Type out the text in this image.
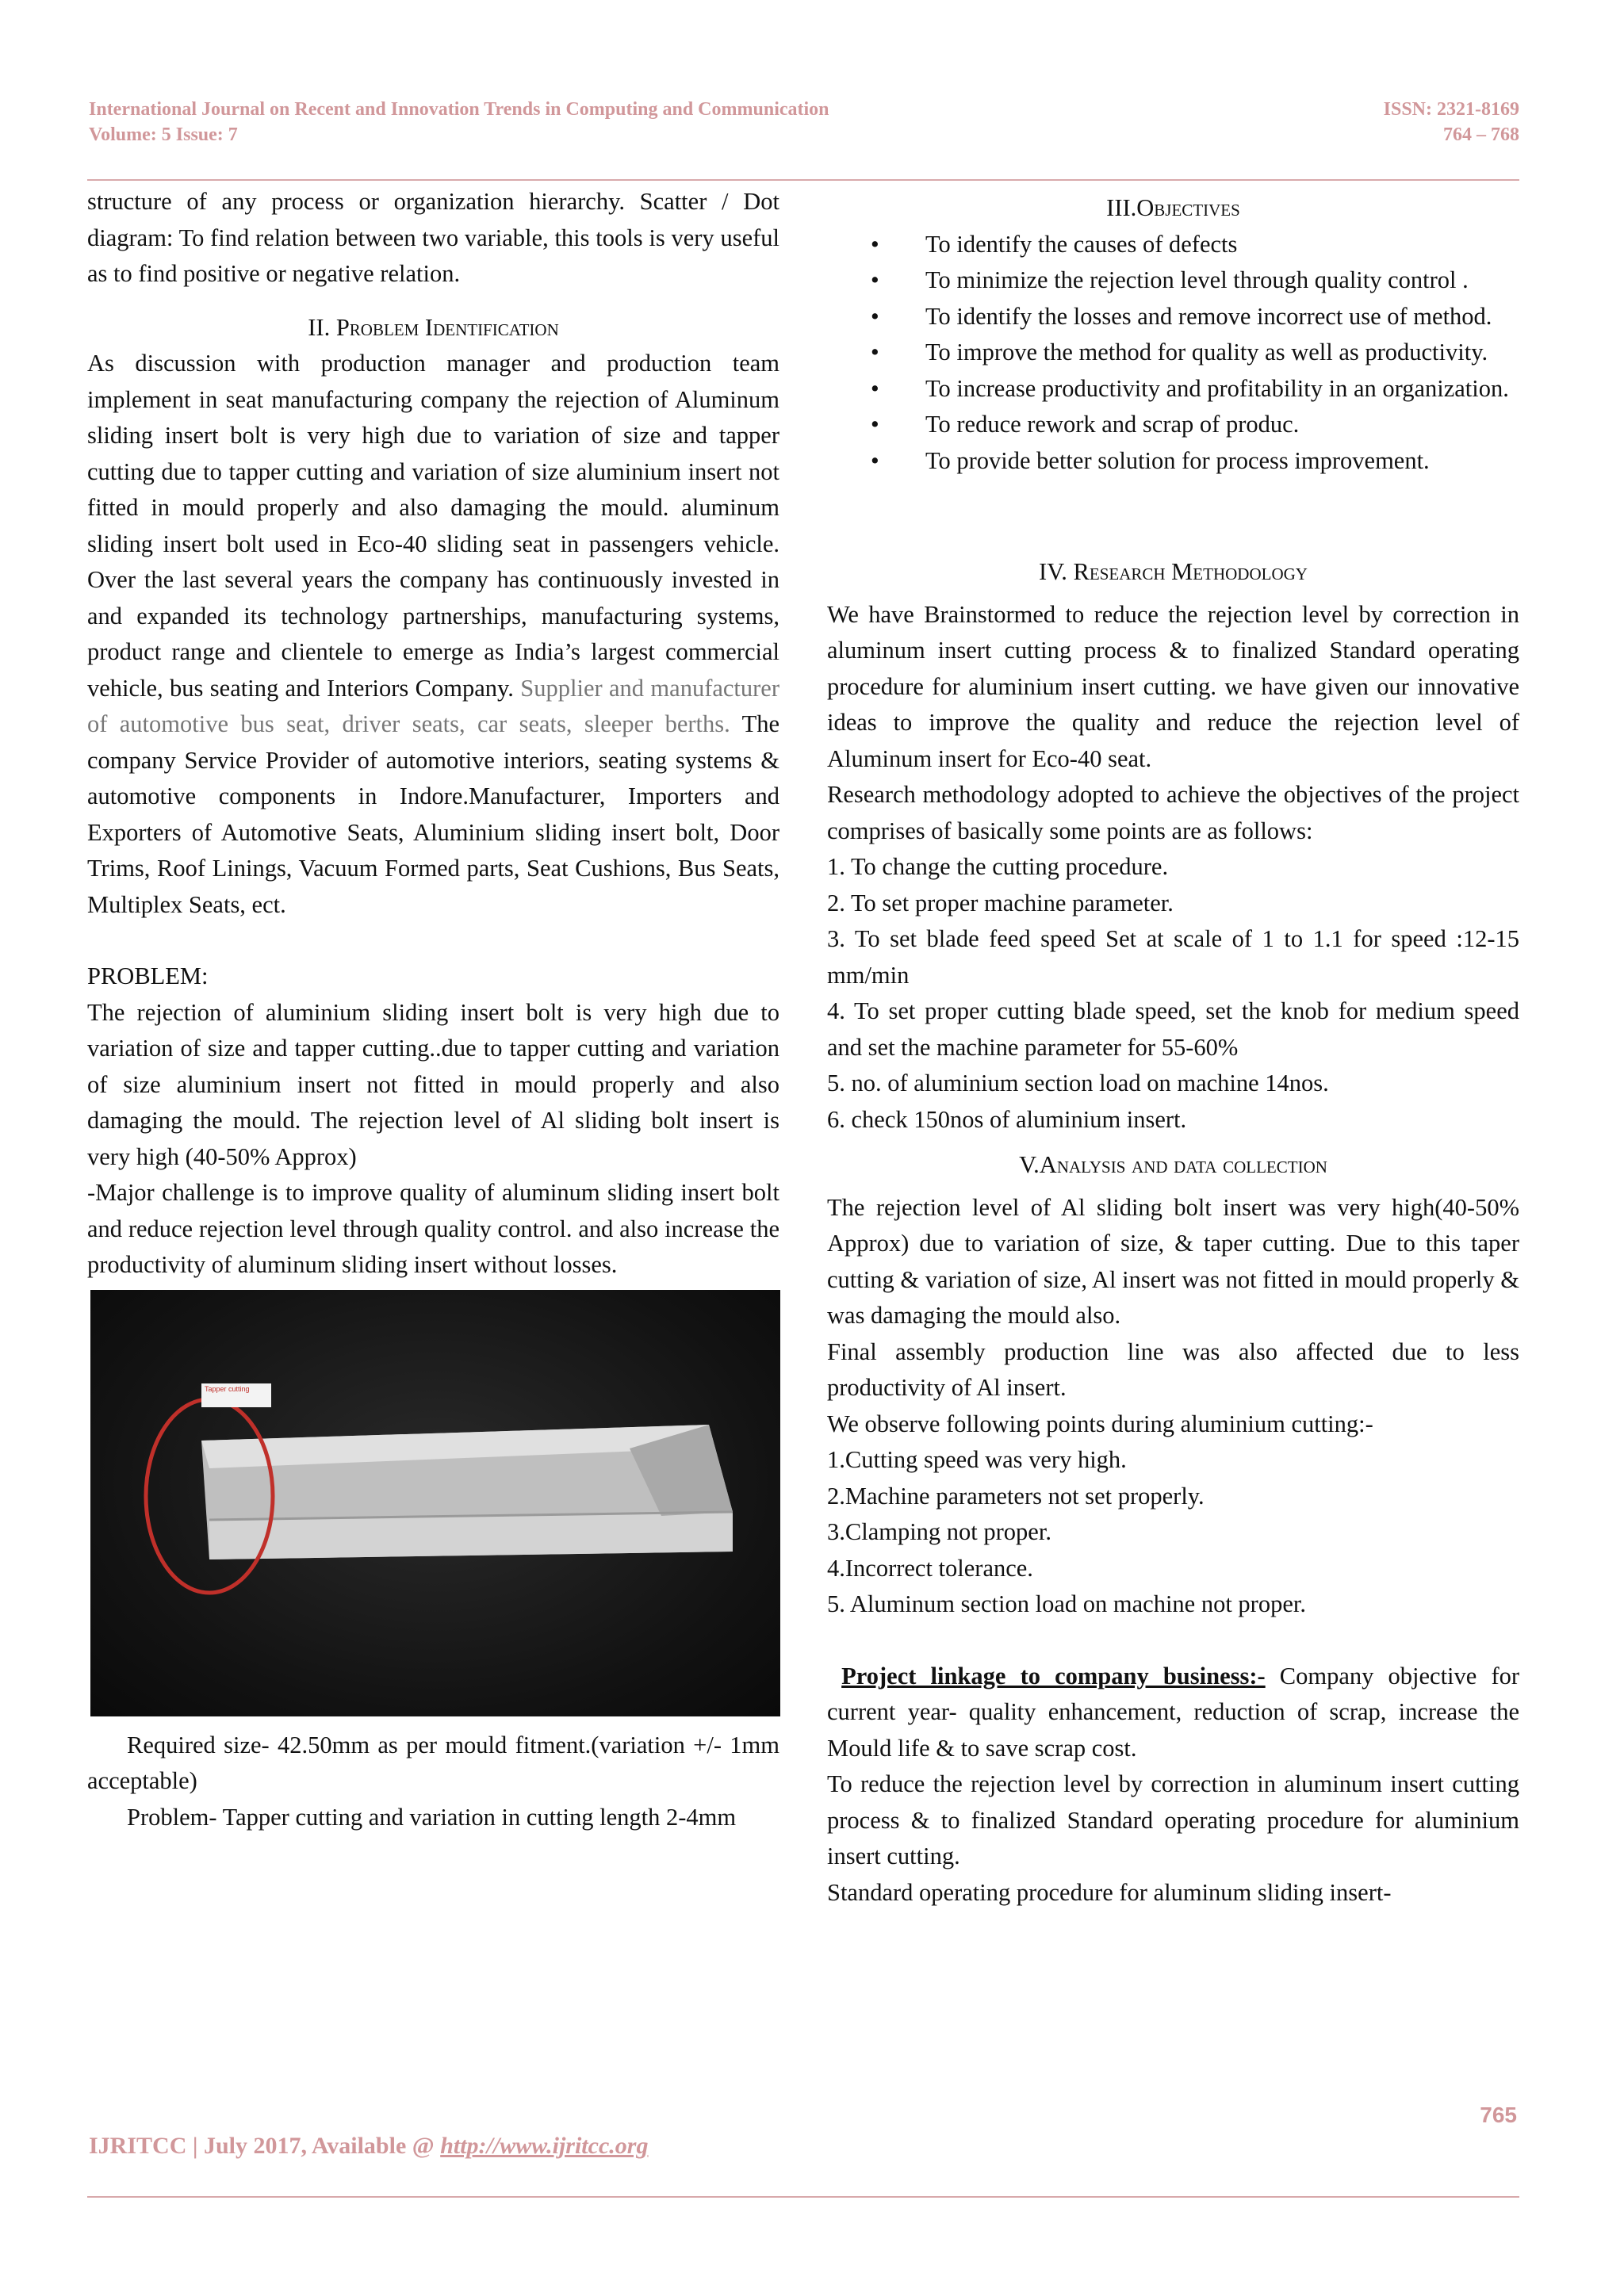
International Journal on Recent and Innovation Trends in Computing and Communication
Volume: 5 Issue: 7
ISSN: 2321-8169
764 – 768

structure of any process or organization hierarchy. Scatter / Dot diagram: To find relation between two variable, this tools is very useful as to find positive or negative relation.

II. Problem Identification

As discussion with production manager and production team implement in seat manufacturing company the rejection of Aluminum sliding insert bolt is very high due to variation of size and tapper cutting due to tapper cutting and variation of size aluminium insert not fitted in mould properly and also damaging the mould. aluminum sliding insert bolt used in Eco-40 sliding seat in passengers vehicle. Over the last several years the company has continuously invested in and expanded its technology partnerships, manufacturing systems, product range and clientele to emerge as India’s largest commercial vehicle, bus seating and Interiors Company. Supplier and manufacturer of automotive bus seat, driver seats, car seats, sleeper berths. The company Service Provider of automotive interiors, seating systems & automotive components in Indore.Manufacturer, Importers and Exporters of Automotive Seats, Aluminium sliding insert bolt, Door Trims, Roof Linings, Vacuum Formed parts, Seat Cushions, Bus Seats, Multiplex Seats, ect.

PROBLEM:

The rejection of aluminium sliding insert bolt is very high due to variation of size and tapper cutting..due to tapper cutting and variation of size aluminium insert not fitted in mould properly and also damaging the mould. The rejection level of Al sliding bolt insert is very high (40-50% Approx)

-Major challenge is to improve quality of aluminum sliding insert bolt and reduce rejection level through quality control. and also increase the productivity of aluminum sliding insert without losses.

Tapper cutting

Required size- 42.50mm as per mould fitment.(variation +/- 1mm acceptable)

Problem- Tapper cutting and variation in cutting length 2-4mm

III.Objectives

• To identify the causes of defects
• To minimize the rejection level through quality control .
• To identify the losses and remove incorrect use of method.
• To improve the method for quality as well as productivity.
• To increase productivity and profitability in an organization.
• To reduce rework and scrap of produc.
• To provide better solution for process improvement.

IV. Research Methodology

We have Brainstormed to reduce the rejection level by correction in aluminum insert cutting process & to finalized Standard operating procedure for aluminium insert cutting. we have given our innovative ideas to improve the quality and reduce the rejection level of Aluminum insert for Eco-40 seat.

Research methodology adopted to achieve the objectives of the project comprises of basically some points are as follows:

1. To change the cutting procedure.

2. To set proper machine parameter.

3. To set blade feed speed Set at scale of 1 to 1.1 for speed :12-15 mm/min

4. To set proper cutting blade speed, set the knob for medium speed and set the machine parameter for 55-60%

5. no. of aluminium section load on machine 14nos.

6. check 150nos of aluminium insert.

V.Analysis and data collection

The rejection level of Al sliding bolt insert was very high(40-50% Approx) due to variation of size, & taper cutting. Due to this taper cutting & variation of size, Al insert was not fitted in mould properly & was damaging the mould also.

Final assembly production line was also affected due to less productivity of Al insert.

We observe following points during aluminium cutting:-

1.Cutting speed was very high.

2.Machine parameters not set properly.

3.Clamping not proper.

4.Incorrect tolerance.

5. Aluminum section load on machine not proper.

Project linkage to company business:- Company objective for current year- quality enhancement, reduction of scrap, increase the Mould life & to save scrap cost.

To reduce the rejection level by correction in aluminum insert cutting process & to finalized Standard operating procedure for aluminium insert cutting.

Standard operating procedure for aluminum sliding insert-

765
IJRITCC | July 2017, Available @ http://www.ijritcc.org
